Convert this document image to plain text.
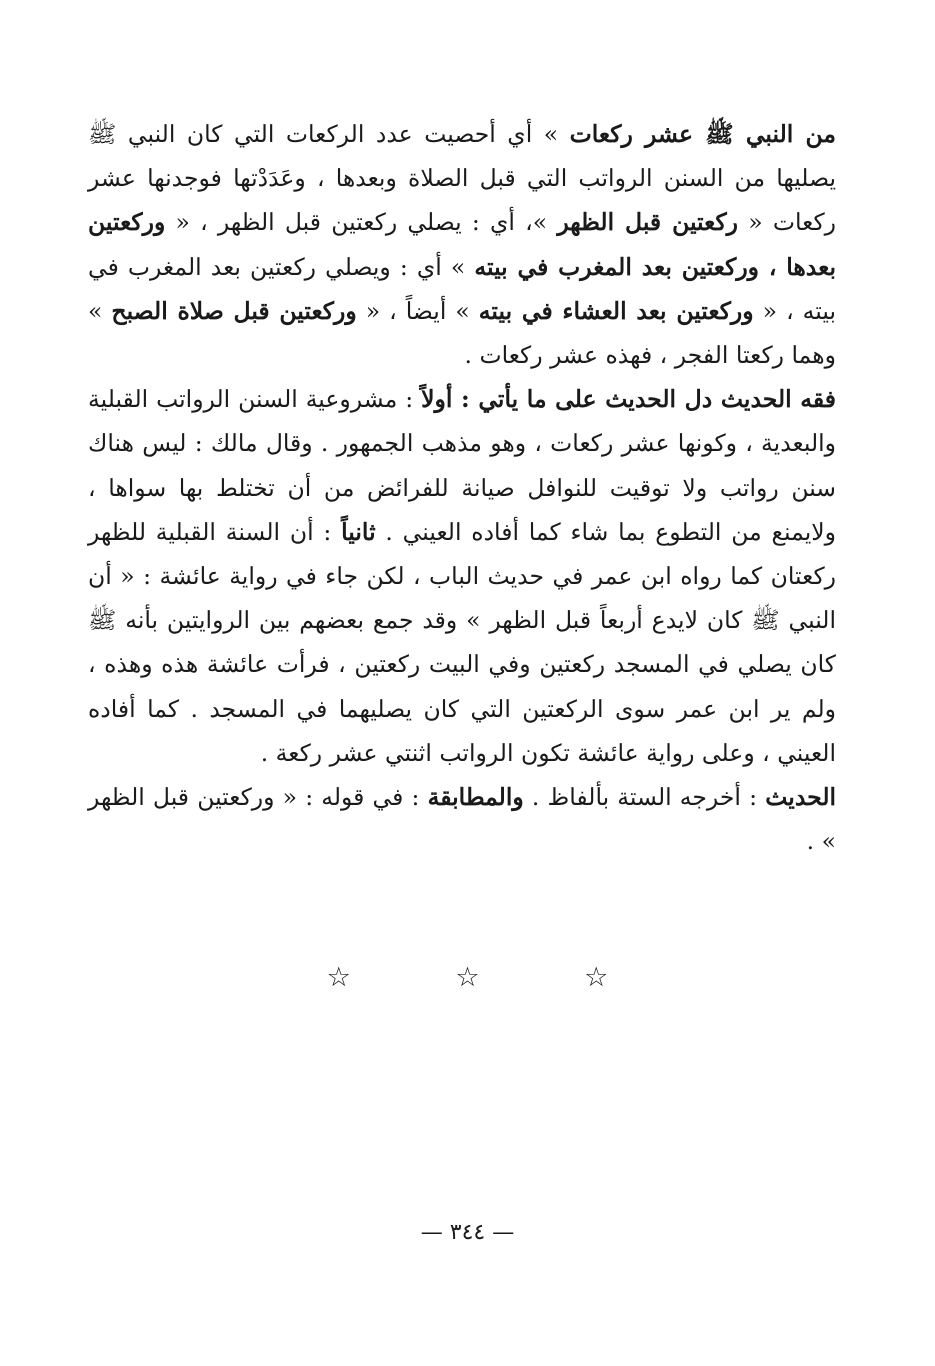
من النبي ﷺ عشر ركعات » أي أحصيت عدد الركعات التي كان النبي ﷺ يصليها من السنن الرواتب التي قبل الصلاة وبعدها ، وعَدَدْتها فوجدنها عشر ركعات « ركعتين قبل الظهر »، أي : يصلي ركعتين قبل الظهر ، « وركعتين بعدها ، وركعتين بعد المغرب في بيته » أي : ويصلي ركعتين بعد المغرب في بيته ، « وركعتين بعد العشاء في بيته » أيضاً ، « وركعتين قبل صلاة الصبح » وهما ركعتا الفجر ، فهذه عشر ركعات .

فقه الحديث دل الحديث على ما يأتي : أولاً : مشروعية السنن الرواتب القبلية والبعدية ، وكونها عشر ركعات ، وهو مذهب الجمهور . وقال مالك : ليس هناك سنن رواتب ولا توقيت للنوافل صيانة للفرائض من أن تختلط بها سواها ، ولايمنع من التطوع بما شاء كما أفاده العيني . ثانياً : أن السنة القبلية للظهر ركعتان كما رواه ابن عمر في حديث الباب ، لكن جاء في رواية عائشة : « أن النبي ﷺ كان لايدع أربعاً قبل الظهر » وقد جمع بعضهم بين الروايتين بأنه ﷺ كان يصلي في المسجد ركعتين وفي البيت ركعتين ، فرأت عائشة هذه وهذه ، ولم ير ابن عمر سوى الركعتين التي كان يصليهما في المسجد . كما أفاده العيني ، وعلى رواية عائشة تكون الرواتب اثنتي عشر ركعة .

الحديث : أخرجه الستة بألفاظ . والمطابقة : في قوله : « وركعتين قبل الظهر » .

☆ ☆ ☆
— ٣٤٤ —
